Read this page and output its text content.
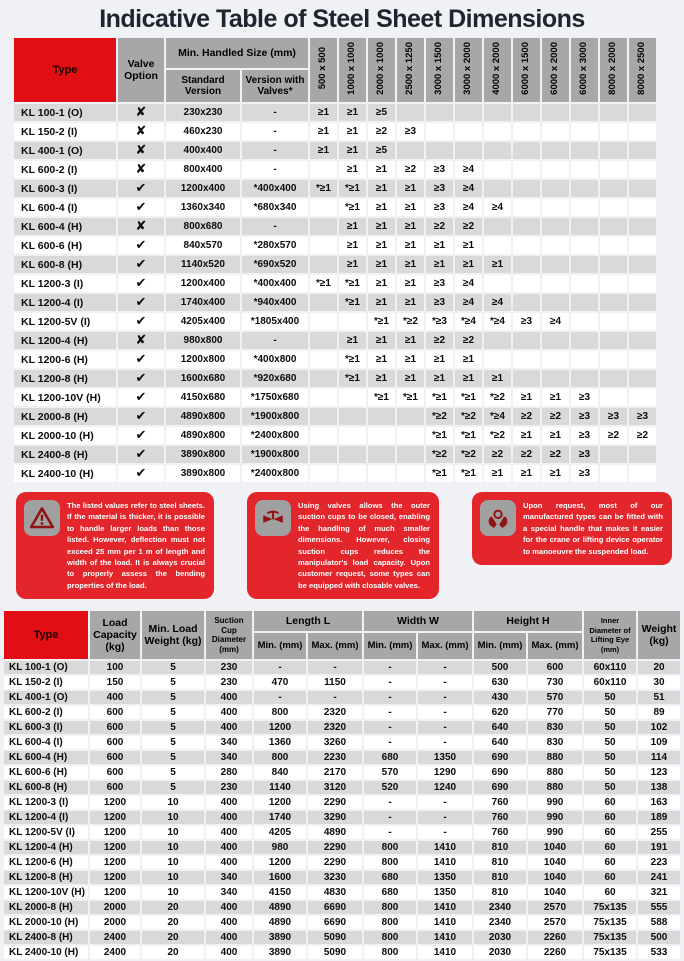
Indicative Table of Steel Sheet Dimensions
Type	Valve Option	Min. Handled Size (mm)		500 x 500	1000 x 1000	2000 x 1000	2500 x 1250	3000 x 1500	3000 x 2000	4000 x 2000	6000 x 1500	6000 x 2000	6000 x 3000	8000 x 2000	8000 x 2500
		Standard Version	Version with Valves*												
KL 100-1 (O)	✘	230x230	-	≥1	≥1	≥5									
KL 150-2 (I)	✘	460x230	-	≥1	≥1	≥2	≥3								
KL 400-1 (O)	✘	400x400	-	≥1	≥1	≥5									
KL 600-2 (I)	✘	800x400	-		≥1	≥1	≥2	≥3	≥4						
KL 600-3 (I)	✔	1200x400	*400x400	*≥1	*≥1	≥1	≥1	≥3	≥4						
KL 600-4 (I)	✔	1360x340	*680x340		*≥1	≥1	≥1	≥3	≥4	≥4					
KL 600-4 (H)	✘	800x680	-		≥1	≥1	≥1	≥2	≥2						
KL 600-6 (H)	✔	840x570	*280x570		≥1	≥1	≥1	≥1	≥1						
KL 600-8 (H)	✔	1140x520	*690x520		≥1	≥1	≥1	≥1	≥1	≥1					
KL 1200-3 (I)	✔	1200x400	*400x400	*≥1	*≥1	≥1	≥1	≥3	≥4						
KL 1200-4 (I)	✔	1740x400	*940x400		*≥1	≥1	≥1	≥3	≥4	≥4					
KL 1200-5V (I)	✔	4205x400	*1805x400			*≥1	*≥2	*≥3	*≥4	*≥4	≥3	≥4			
KL 1200-4 (H)	✘	980x800	-		≥1	≥1	≥1	≥2	≥2						
KL 1200-6 (H)	✔	1200x800	*400x800		*≥1	≥1	≥1	≥1	≥1						
KL 1200-8 (H)	✔	1600x680	*920x680		*≥1	≥1	≥1	≥1	≥1	≥1					
KL 1200-10V (H)	✔	4150x680	*1750x680			*≥1	*≥1	*≥1	*≥1	*≥2	≥1	≥1	≥3		
KL 2000-8 (H)	✔	4890x800	*1900x800					*≥2	*≥2	*≥4	≥2	≥2	≥3	≥3	≥3
KL 2000-10 (H)	✔	4890x800	*2400x800					*≥1	*≥1	*≥2	≥1	≥1	≥3	≥2	≥2
KL 2400-8 (H)	✔	3890x800	*1900x800					*≥2	*≥2	≥2	≥2	≥2	≥3		
KL 2400-10 (H)	✔	3890x800	*2400x800					*≥1	*≥1	≥1	≥1	≥1	≥3		

The listed values refer to steel sheets. If the material is thicker, it is possible to handle larger loads than those listed. However, deflection must not exceed 25 mm per 1 m of length and width of the load. It is always crucial to properly assess the bending properties of the load.

Using valves allows the outer suction cups to be closed, enabling the handling of much smaller dimensions. However, closing suction cups reduces the manipulator's load capacity. Upon customer request, some types can be equipped with closable valves.

Upon request, most of our manufactured types can be fitted with a special handle that makes it easier for the crane or lifting device operator to manoeuvre the suspended load.

Type	Load Capacity (kg)	Min. Load Weight (kg)	Suction Cup Diameter (mm)	Length L		Width W		Height H		Inner Diameter of Lifting Eye (mm)	Weight (kg)
				Min. (mm)	Max. (mm)	Min. (mm)	Max. (mm)	Min. (mm)	Max. (mm)		
KL 100-1 (O)	100	5	230	-	-	-	-	500	600	60x110	20
KL 150-2 (I)	150	5	230	470	1150	-	-	630	730	60x110	30
KL 400-1 (O)	400	5	400	-	-	-	-	430	570	50	51
KL 600-2 (I)	600	5	400	800	2320	-	-	620	770	50	89
KL 600-3 (I)	600	5	400	1200	2320	-	-	640	830	50	102
KL 600-4 (I)	600	5	340	1360	3260	-	-	640	830	50	109
KL 600-4 (H)	600	5	340	800	2230	680	1350	690	880	50	114
KL 600-6 (H)	600	5	280	840	2170	570	1290	690	880	50	123
KL 600-8 (H)	600	5	230	1140	3120	520	1240	690	880	50	138
KL 1200-3 (I)	1200	10	400	1200	2290	-	-	760	990	60	163
KL 1200-4 (I)	1200	10	400	1740	3290	-	-	760	990	60	189
KL 1200-5V (I)	1200	10	400	4205	4890	-	-	760	990	60	255
KL 1200-4 (H)	1200	10	400	980	2290	800	1410	810	1040	60	191
KL 1200-6 (H)	1200	10	400	1200	2290	800	1410	810	1040	60	223
KL 1200-8 (H)	1200	10	340	1600	3230	680	1350	810	1040	60	241
KL 1200-10V (H)	1200	10	340	4150	4830	680	1350	810	1040	60	321
KL 2000-8 (H)	2000	20	400	4890	6690	800	1410	2340	2570	75x135	555
KL 2000-10 (H)	2000	20	400	4890	6690	800	1410	2340	2570	75x135	588
KL 2400-8 (H)	2400	20	400	3890	5090	800	1410	2030	2260	75x135	500
KL 2400-10 (H)	2400	20	400	3890	5090	800	1410	2030	2260	75x135	533
